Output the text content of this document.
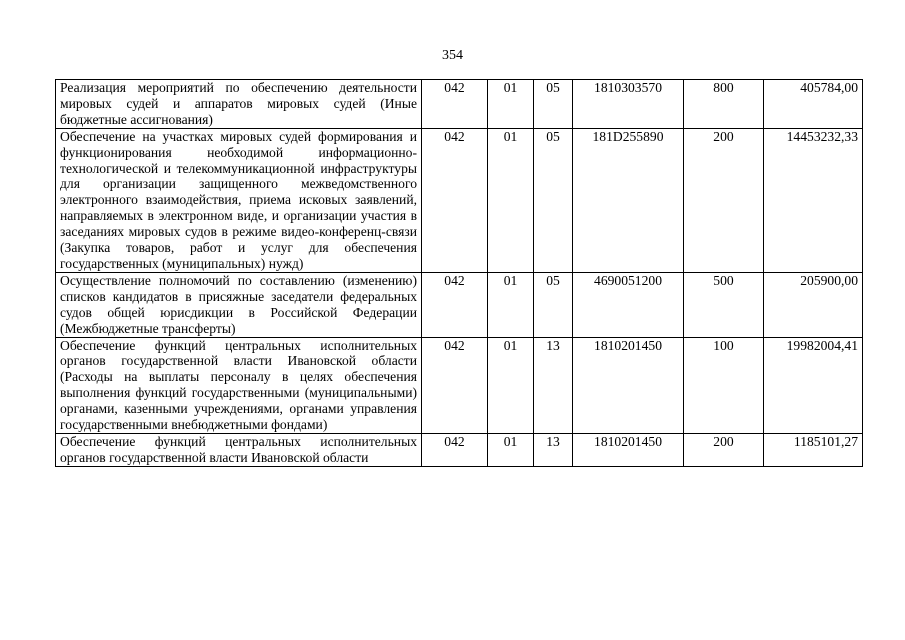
354
Реализация мероприятий по обеспечению деятельности мировых судей и аппаратов мировых судей (Иные бюджетные ассигнования)	042	01	05	1810303570	800	405784,00
Обеспечение на участках мировых судей формирования и функционирования необходимой информационно-технологической и телекоммуникационной инфраструктуры для организации защищенного межведомственного электронного взаимодействия, приема исковых заявлений, направляемых в электронном виде, и организации участия в заседаниях мировых судов в режиме видео-конференц-связи (Закупка товаров, работ и услуг для обеспечения государственных (муниципальных) нужд)	042	01	05	181D255890	200	14453232,33
Осуществление полномочий по составлению (изменению) списков кандидатов в присяжные заседатели федеральных судов общей юрисдикции в Российской Федерации (Межбюджетные трансферты)	042	01	05	4690051200	500	205900,00
Обеспечение функций центральных исполнительных органов государственной власти Ивановской области (Расходы на выплаты персоналу в целях обеспечения выполнения функций государственными (муниципальными) органами, казенными учреждениями, органами управления государственными внебюджетными фондами)	042	01	13	1810201450	100	19982004,41
Обеспечение функций центральных исполнительных органов государственной власти Ивановской области	042	01	13	1810201450	200	1185101,27
